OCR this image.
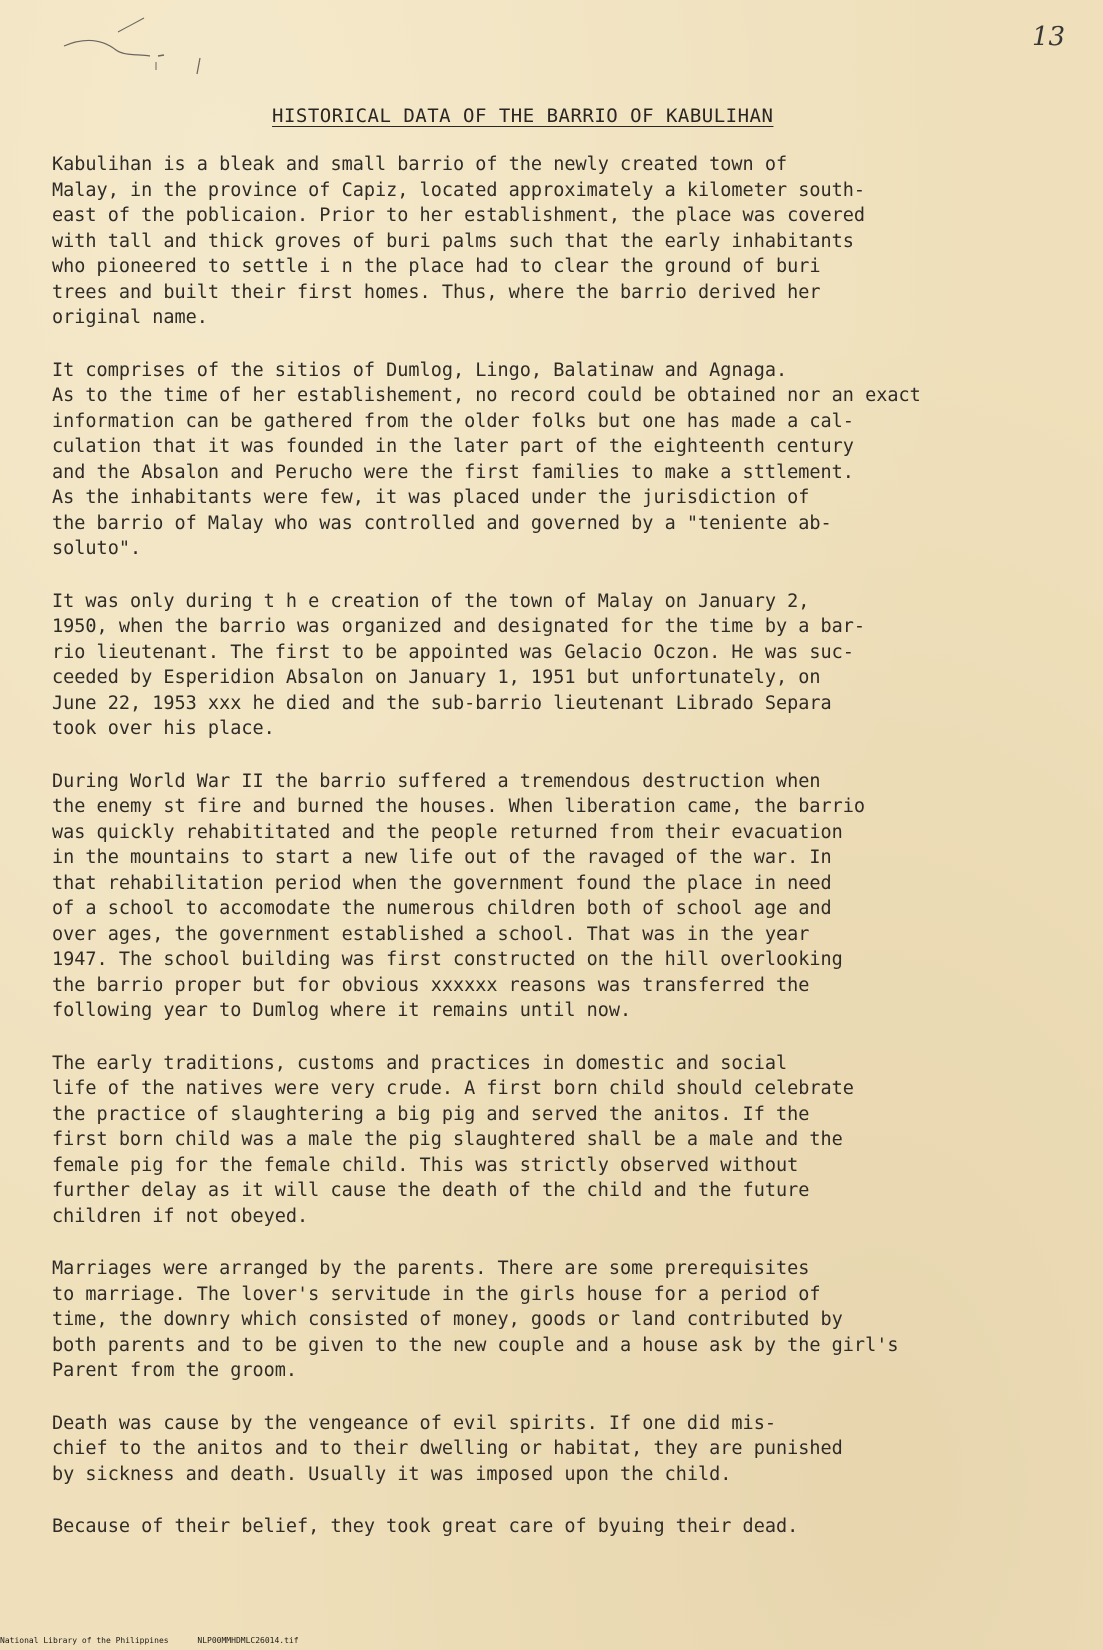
13
HISTORICAL DATA OF THE BARRIO OF KABULIHAN
Kabulihan is a bleak and small barrio of the newly created town of
Malay, in the province of Capiz, located approximately a kilometer south-
east of the poblicaion. Prior to her establishment, the place was covered
with tall and thick groves of buri palms such that the early inhabitants
who pioneered to settle i n the place had to clear the ground of buri
trees and built their first homes. Thus, where the barrio derived her
original name.
It comprises of the sitios of Dumlog, Lingo, Balatinaw and Agnaga.
As to the time of her establishement, no record could be obtained nor an exact
information can be gathered from the older folks but one has made a cal-
culation that it was founded in the later part of the eighteenth century
and the Absalon and Perucho were the first families to make a sttlement.
As the inhabitants were few, it was placed under the jurisdiction of
the barrio of Malay who was controlled and governed by a "teniente ab-
soluto".
It was only during t h e creation of the town of Malay on January 2,
1950, when the barrio was organized and designated for the time by a bar-
rio lieutenant. The first to be appointed was Gelacio Oczon. He was suc-
ceeded by Esperidion Absalon on January 1, 1951 but unfortunately, on
June 22, 1953 xxx he died and the sub-barrio lieutenant Librado Separa
took over his place.
During World War II the barrio suffered a tremendous destruction when
the enemy st fire and burned the houses. When liberation came, the barrio
was quickly rehabititated and the people returned from their evacuation
in the mountains to start a new life out of the ravaged of the war. In
that rehabilitation period when the government found the place in need
of a school to accomodate the numerous children both of school age and
over ages, the government established a school. That was in the year
1947. The school building was first constructed on the hill overlooking
the barrio proper but for obvious xxxxxx reasons was transferred the
following year to Dumlog where it remains until now.
The early traditions, customs and practices in domestic and social
life of the natives were very crude. A first born child should celebrate
the practice of slaughtering a big pig and served the anitos. If the
first born child was a male the pig slaughtered shall be a male and the
female pig for the female child. This was strictly observed without
further delay as it will cause the death of the child and the future
children if not obeyed.
Marriages were arranged by the parents. There are some prerequisites
to marriage. The lover's servitude in the girls house for a period of
time, the downry which consisted of money, goods or land contributed by
both parents and to be given to the new couple and a house ask by the girl's
Parent from the groom.
Death was cause by the vengeance of evil spirits. If one did mis-
chief to the anitos and to their dwelling or habitat, they are punished
by sickness and death. Usually it was imposed upon the child.
Because of their belief, they took great care of byuing their dead.
National Library of the Philippines	NLP00MMHDMLC26014.tif
